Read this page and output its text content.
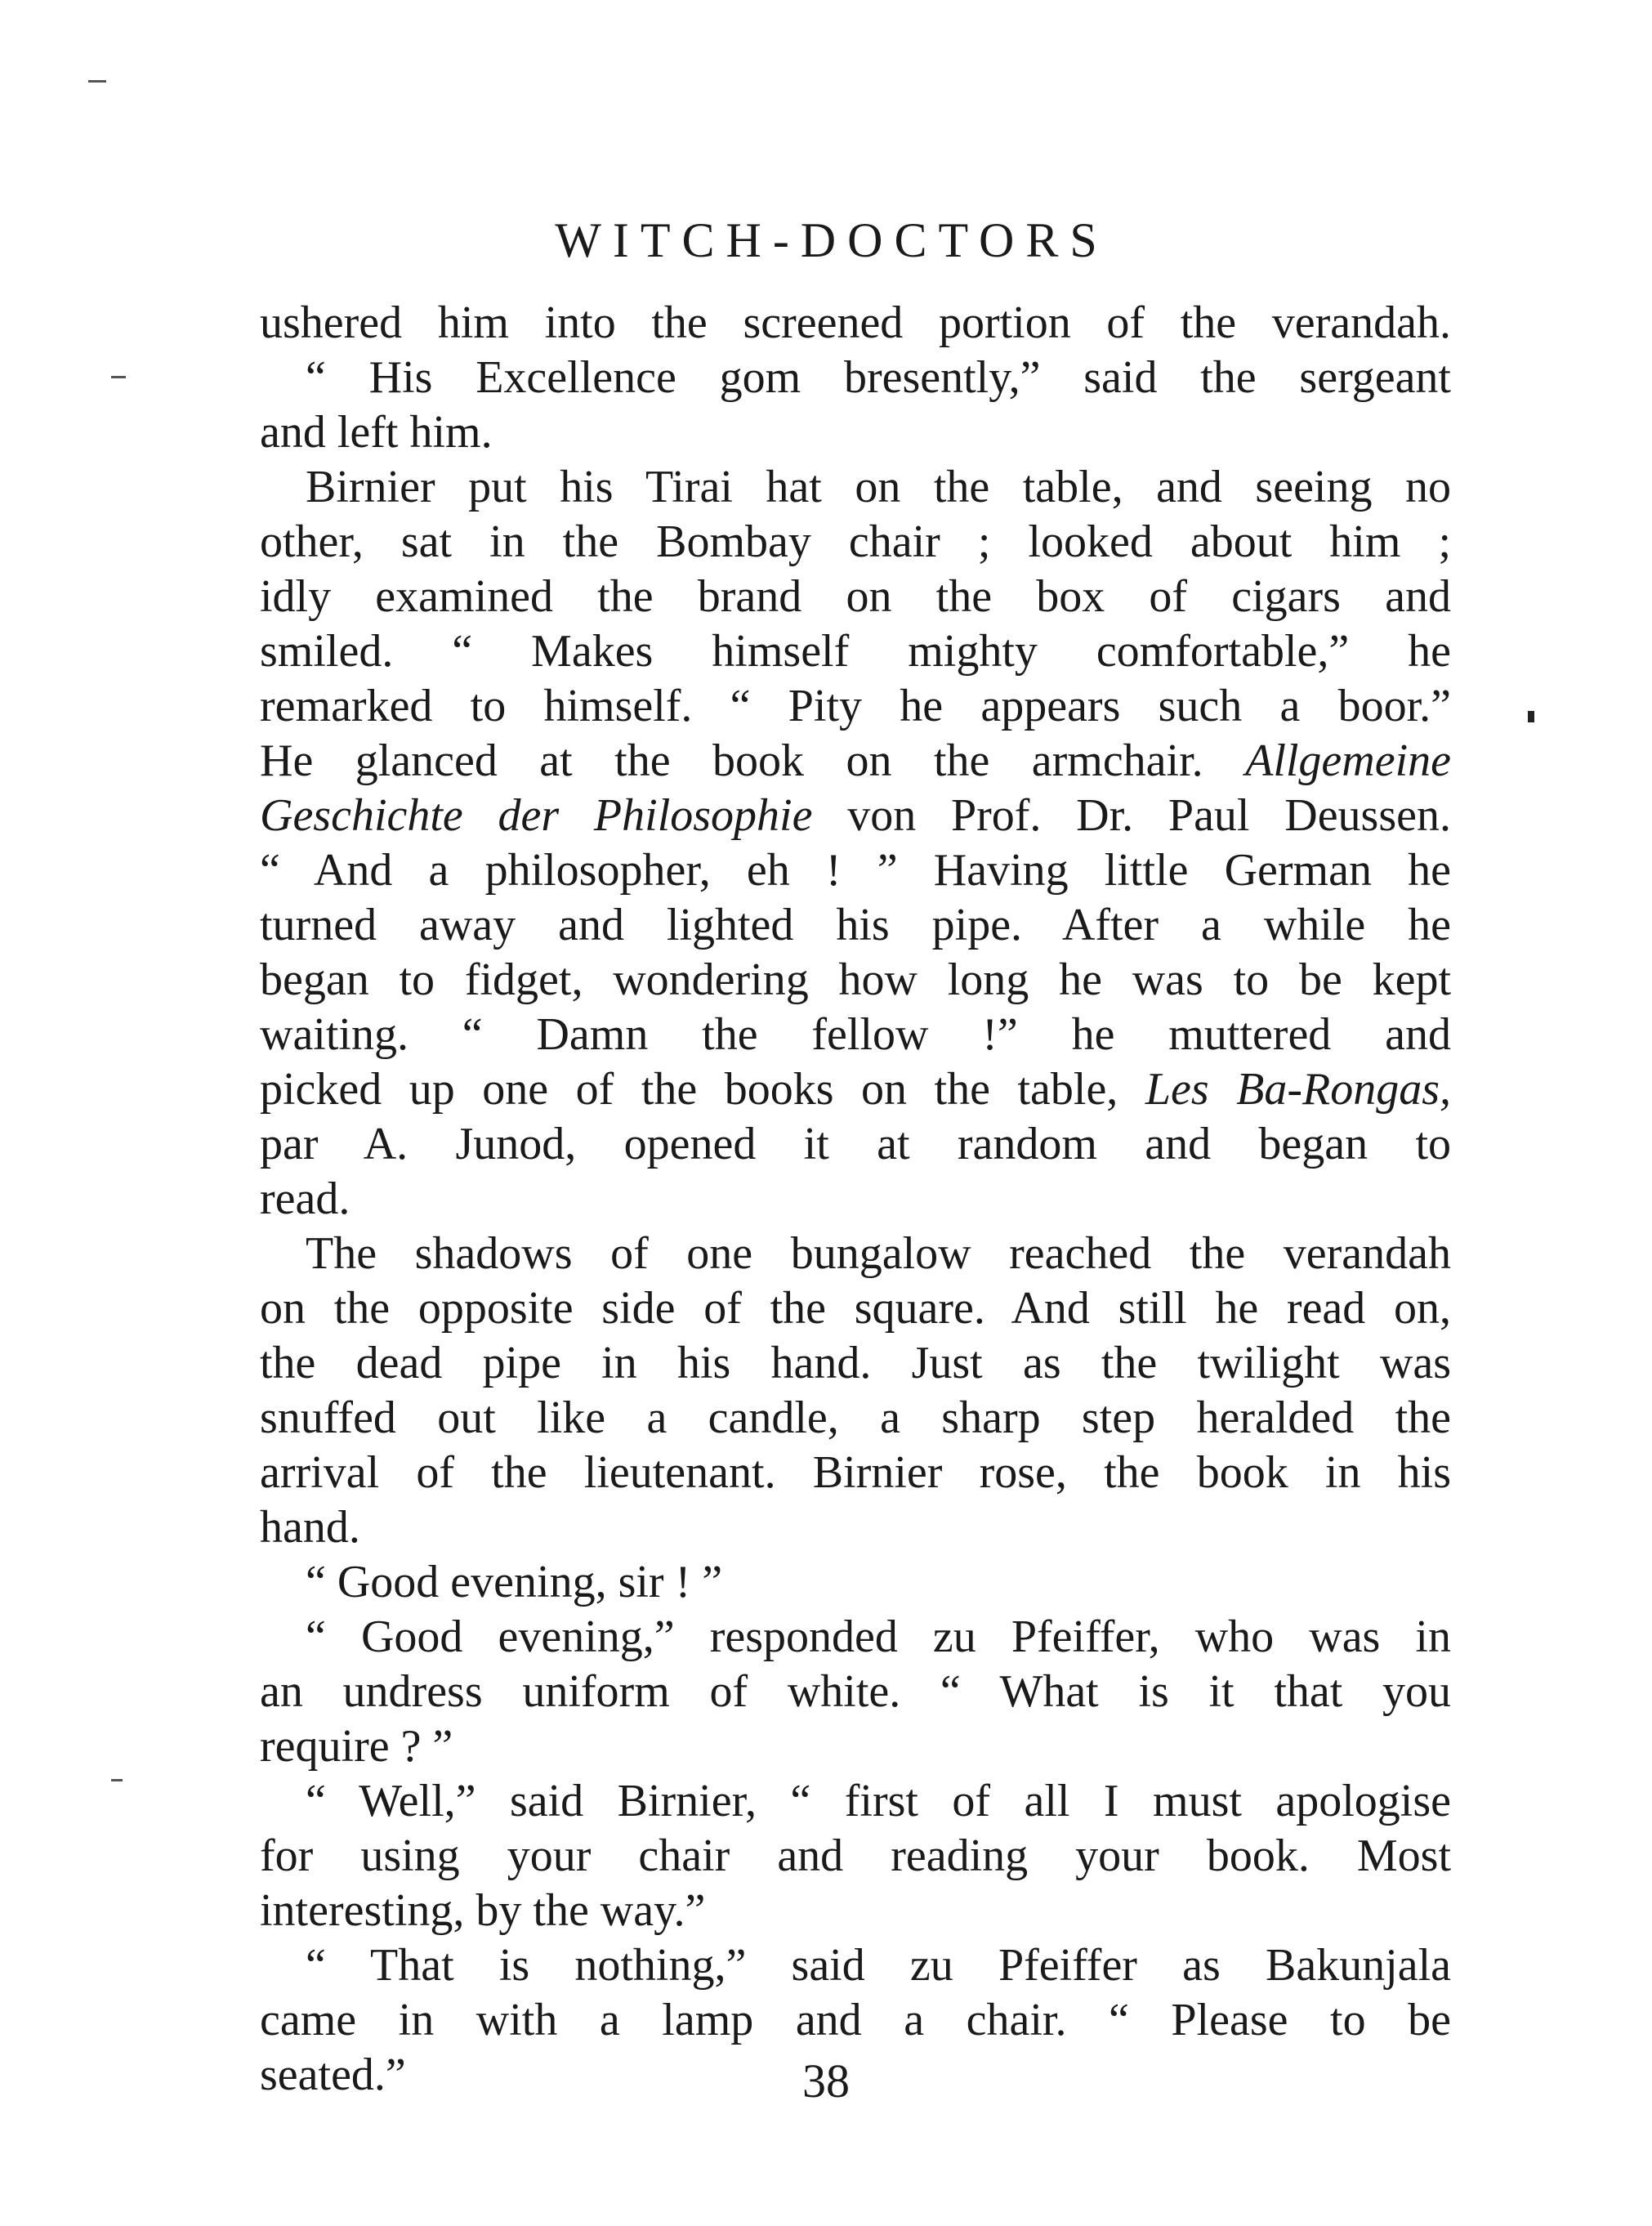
WITCH-DOCTORS
ushered him into the screened portion of the verandah.
“ His Excellence gom bresently,” said the sergeant
and left him.
Birnier put his Tirai hat on the table, and seeing no
other, sat in the Bombay chair ; looked about him ;
idly examined the brand on the box of cigars and
smiled. “ Makes himself mighty comfortable,” he
remarked to himself. “ Pity he appears such a boor.”
He glanced at the book on the armchair. Allgemeine
Geschichte der Philosophie von Prof. Dr. Paul Deussen.
“ And a philosopher, eh ! ” Having little German he
turned away and lighted his pipe. After a while he
began to fidget, wondering how long he was to be kept
waiting. “ Damn the fellow !” he muttered and
picked up one of the books on the table, Les Ba-Rongas,
par A. Junod, opened it at random and began to
read.
The shadows of one bungalow reached the verandah
on the opposite side of the square. And still he read on,
the dead pipe in his hand. Just as the twilight was
snuffed out like a candle, a sharp step heralded the
arrival of the lieutenant. Birnier rose, the book in his
hand.
“ Good evening, sir ! ”
“ Good evening,” responded zu Pfeiffer, who was in
an undress uniform of white. “ What is it that you
require ? ”
“ Well,” said Birnier, “ first of all I must apologise
for using your chair and reading your book. Most
interesting, by the way.”
“ That is nothing,” said zu Pfeiffer as Bakunjala
came in with a lamp and a chair. “ Please to be
seated.”	38
